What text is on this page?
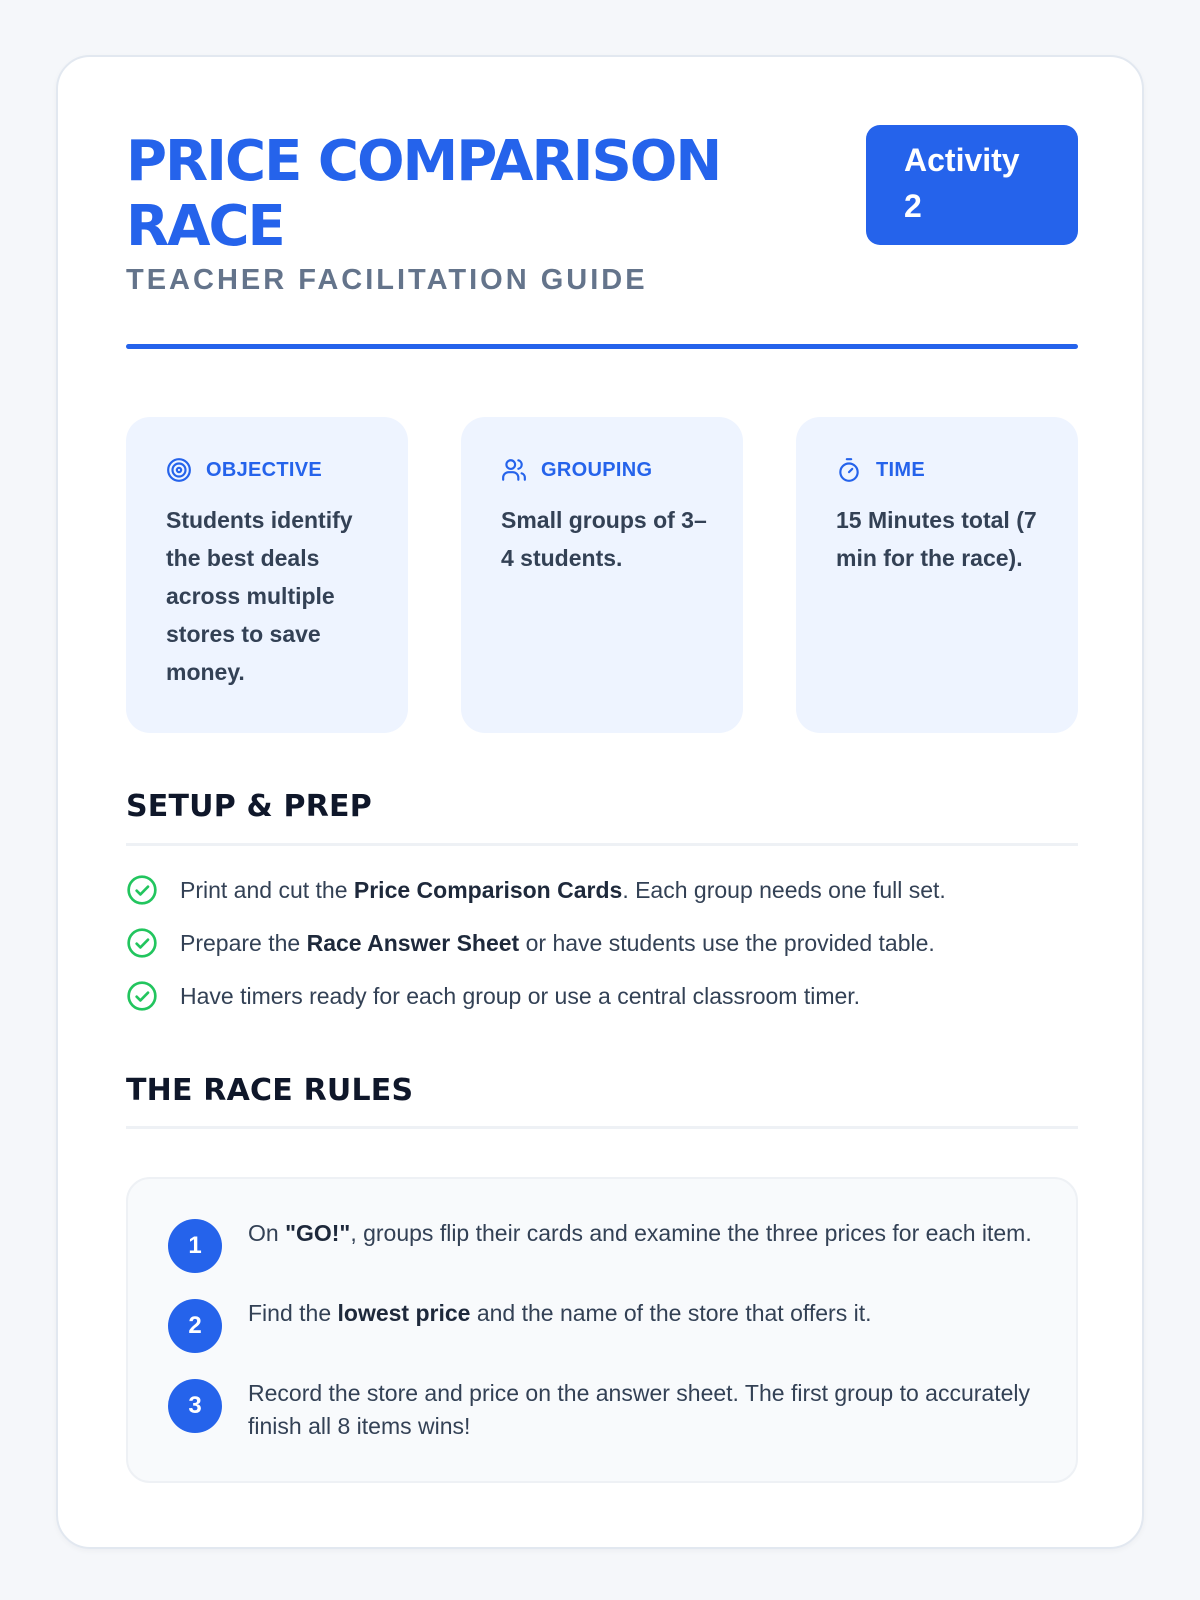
PRICE COMPARISON RACE
TEACHER FACILITATION GUIDE
Activity 2
OBJECTIVE
Students identify the best deals across multiple stores to save money.
GROUPING
Small groups of 3–4 students.
TIME
15 Minutes total (7 min for the race).
SETUP & PREP
Print and cut the Price Comparison Cards. Each group needs one full set.
Prepare the Race Answer Sheet or have students use the provided table.
Have timers ready for each group or use a central classroom timer.
THE RACE RULES
1	On "GO!", groups flip their cards and examine the three prices for each item.
2	Find the lowest price and the name of the store that offers it.
3	Record the store and price on the answer sheet. The first group to accurately finish all 8 items wins!
